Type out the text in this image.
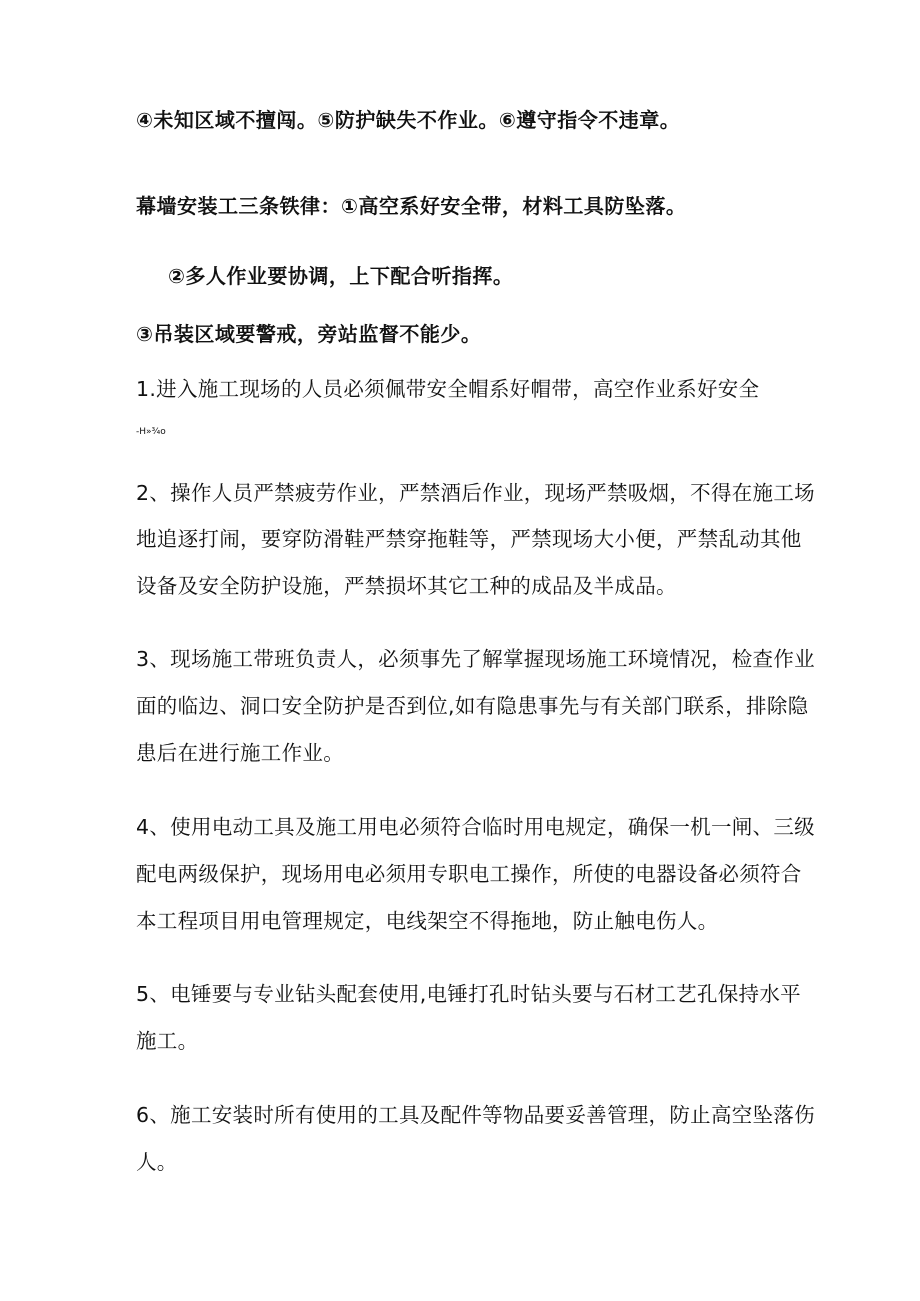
④未知区域不擅闯。⑤防护缺失不作业。⑥遵守指令不违章。
幕墙安装工三条铁律：①高空系好安全带，材料工具防坠落。
②多人作业要协调，上下配合听指挥。
③吊装区域要警戒，旁站监督不能少。
1.进入施工现场的人员必须佩带安全帽系好帽带，高空作业系好安全
-H»³⁄₄o
2、操作人员严禁疲劳作业，严禁酒后作业，现场严禁吸烟，不得在施工场
地追逐打闹，要穿防滑鞋严禁穿拖鞋等，严禁现场大小便，严禁乱动其他
设备及安全防护设施，严禁损坏其它工种的成品及半成品。
3、现场施工带班负责人，必须事先了解掌握现场施工环境情况，检查作业
面的临边、洞口安全防护是否到位,如有隐患事先与有关部门联系，排除隐
患后在进行施工作业。
4、使用电动工具及施工用电必须符合临时用电规定，确保一机一闸、三级
配电两级保护，现场用电必须用专职电工操作，所使的电器设备必须符合
本工程项目用电管理规定，电线架空不得拖地，防止触电伤人。
5、电锤要与专业钻头配套使用,电锤打孔时钻头要与石材工艺孔保持水平
施工。
6、施工安装时所有使用的工具及配件等物品要妥善管理，防止高空坠落伤
人。
